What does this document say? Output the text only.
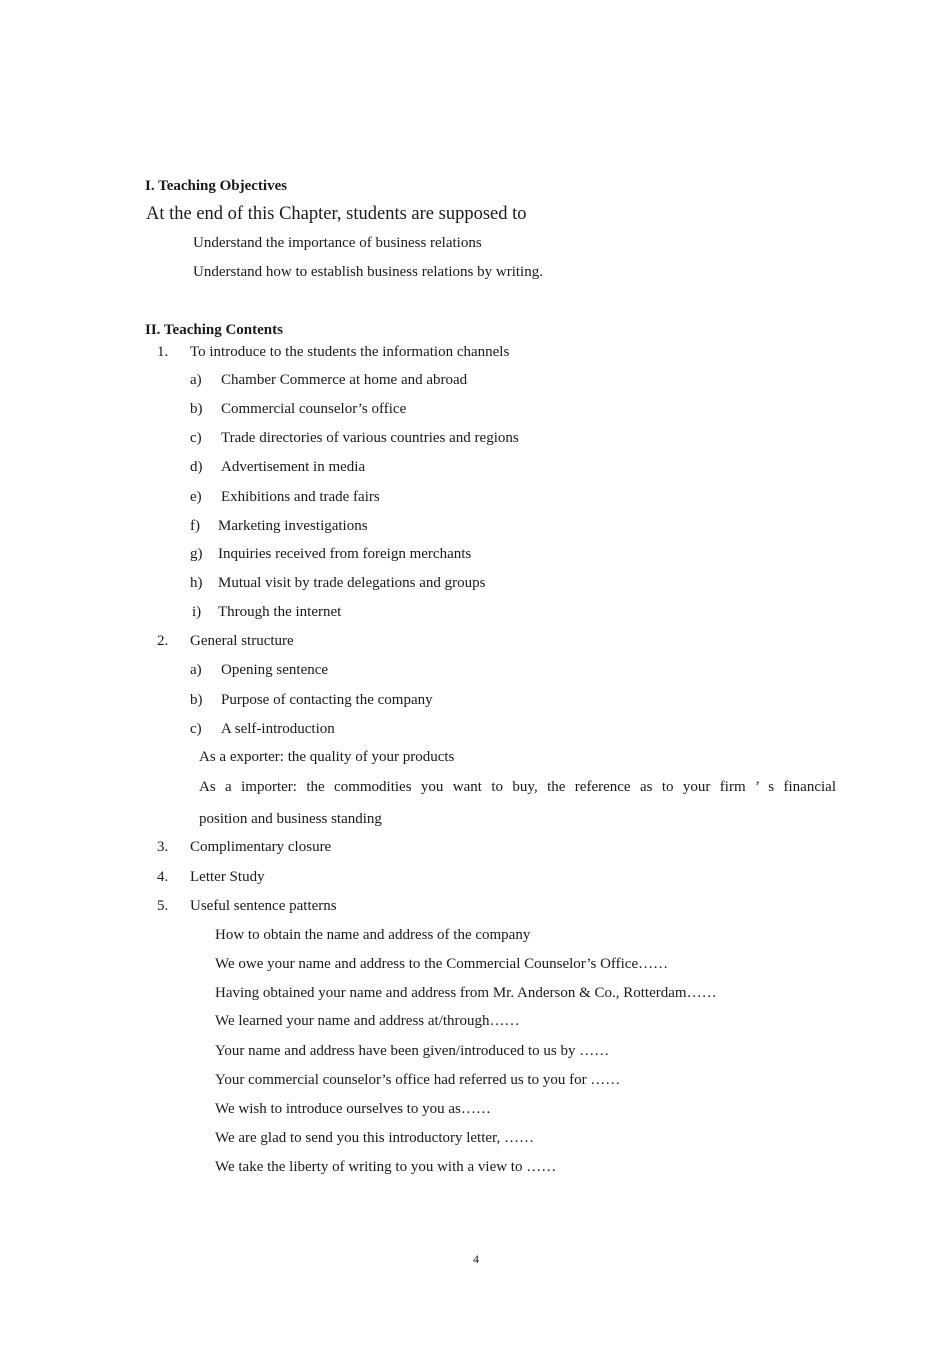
I. Teaching Objectives
At the end of this Chapter, students are supposed to
Understand the importance of business relations
Understand how to establish business relations by writing.
II. Teaching Contents
1. To introduce to the students the information channels
a) Chamber Commerce at home and abroad
b) Commercial counselor’s office
c) Trade directories of various countries and regions
d) Advertisement in media
e) Exhibitions and trade fairs
f) Marketing investigations
g) Inquiries received from foreign merchants
h) Mutual visit by trade delegations and groups
i) Through the internet
2. General structure
a) Opening sentence
b) Purpose of contacting the company
c) A self-introduction
As a exporter: the quality of your products
As a importer: the commodities you want to buy, the reference as to your firm ’ s financial
position and business standing
3. Complimentary closure
4. Letter Study
5. Useful sentence patterns
How to obtain the name and address of the company
We owe your name and address to the Commercial Counselor’s Office……
Having obtained your name and address from Mr. Anderson & Co., Rotterdam……
We learned your name and address at/through……
Your name and address have been given/introduced to us by ……
Your commercial counselor’s office had referred us to you for ……
We wish to introduce ourselves to you as……
We are glad to send you this introductory letter, ……
We take the liberty of writing to you with a view to ……
4
